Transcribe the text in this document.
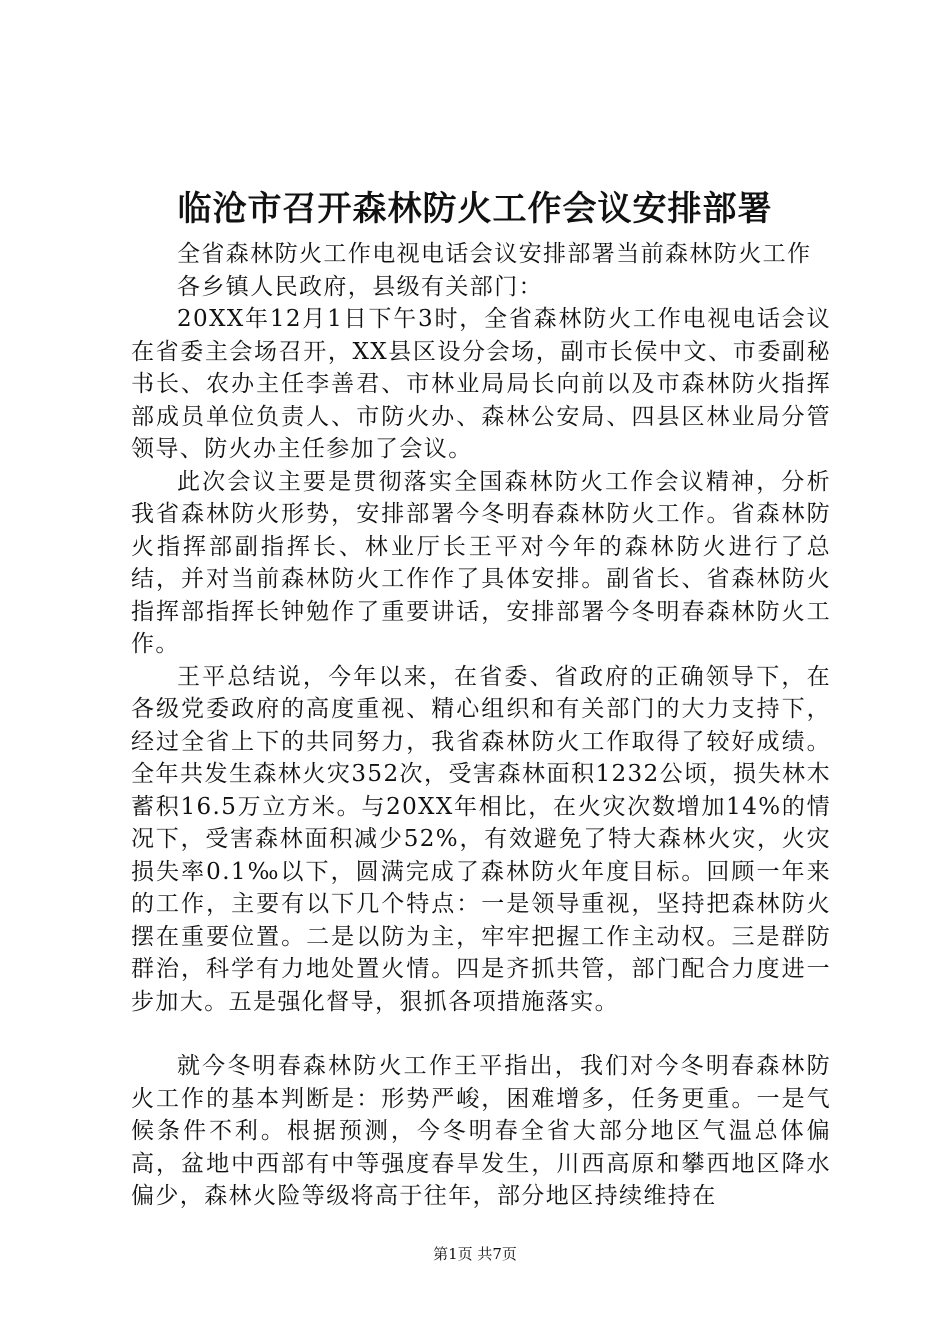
临沧市召开森林防火工作会议安排部署

全省森林防火工作电视电话会议安排部署当前森林防火工作

各乡镇人民政府，县级有关部门：

20XX年12月1日下午3时，全省森林防火工作电视电话会议在省委主会场召开，XX县区设分会场，副市长侯中文、市委副秘书长、农办主任李善君、市林业局局长向前以及市森林防火指挥部成员单位负责人、市防火办、森林公安局、四县区林业局分管领导、防火办主任参加了会议。

此次会议主要是贯彻落实全国森林防火工作会议精神，分析我省森林防火形势，安排部署今冬明春森林防火工作。省森林防火指挥部副指挥长、林业厅长王平对今年的森林防火进行了总结，并对当前森林防火工作作了具体安排。副省长、省森林防火指挥部指挥长钟勉作了重要讲话，安排部署今冬明春森林防火工作。

王平总结说，今年以来，在省委、省政府的正确领导下，在各级党委政府的高度重视、精心组织和有关部门的大力支持下，经过全省上下的共同努力，我省森林防火工作取得了较好成绩。全年共发生森林火灾352次，受害森林面积1232公顷，损失林木蓄积16.5万立方米。与20XX年相比，在火灾次数增加14%的情况下，受害森林面积减少52%，有效避免了特大森林火灾，火灾损失率0.1‰以下，圆满完成了森林防火年度目标。回顾一年来的工作，主要有以下几个特点：一是领导重视，坚持把森林防火摆在重要位置。二是以防为主，牢牢把握工作主动权。三是群防群治，科学有力地处置火情。四是齐抓共管，部门配合力度进一步加大。五是强化督导，狠抓各项措施落实。

就今冬明春森林防火工作王平指出，我们对今冬明春森林防火工作的基本判断是：形势严峻，困难增多，任务更重。一是气候条件不利。根据预测，今冬明春全省大部分地区气温总体偏高，盆地中西部有中等强度春旱发生，川西高原和攀西地区降水偏少，森林火险等级将高于往年，部分地区持续维持在

第1页 共7页
